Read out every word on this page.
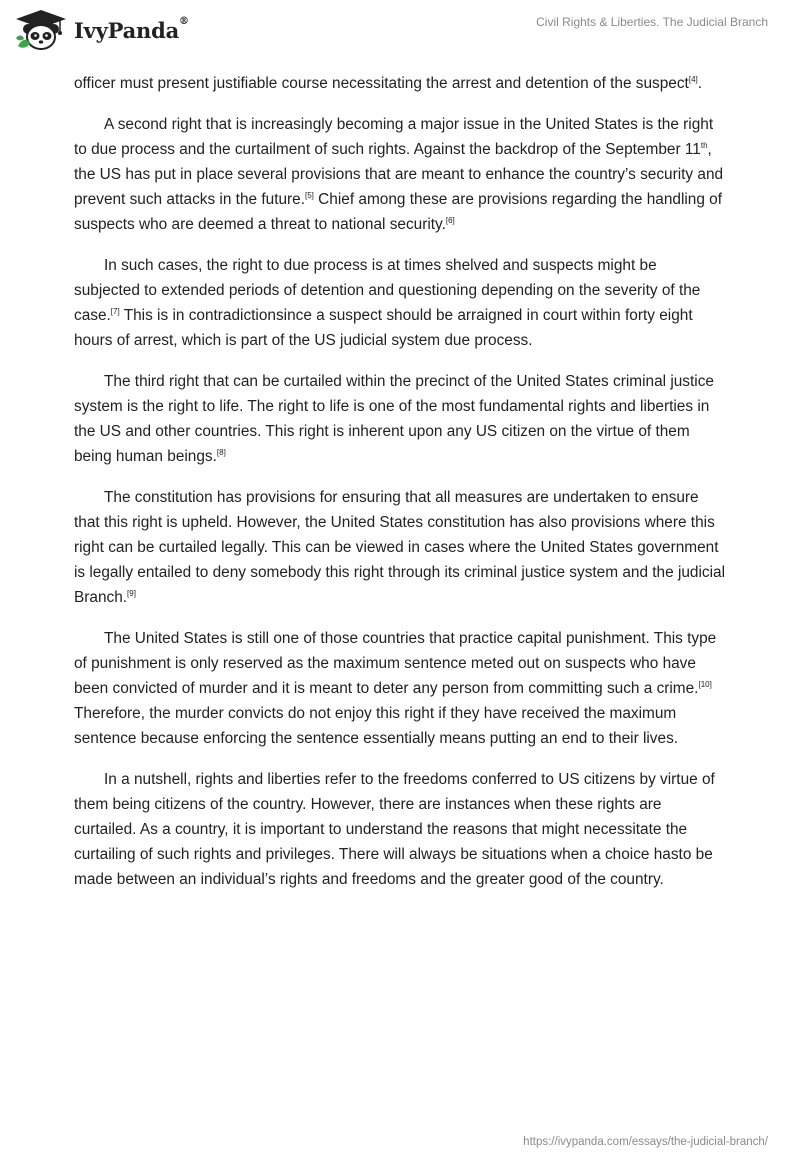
IvyPanda®	Civil Rights & Liberties. The Judicial Branch

officer must present justifiable course necessitating the arrest and detention of the suspect[4].

A second right that is increasingly becoming a major issue in the United States is the right to due process and the curtailment of such rights. Against the backdrop of the September 11th, the US has put in place several provisions that are meant to enhance the country’s security and prevent such attacks in the future.[5] Chief among these are provisions regarding the handling of suspects who are deemed a threat to national security.[6]

In such cases, the right to due process is at times shelved and suspects might be subjected to extended periods of detention and questioning depending on the severity of the case.[7] This is in contradictionsince a suspect should be arraigned in court within forty eight hours of arrest, which is part of the US judicial system due process.

The third right that can be curtailed within the precinct of the United States criminal justice system is the right to life. The right to life is one of the most fundamental rights and liberties in the US and other countries. This right is inherent upon any US citizen on the virtue of them being human beings.[8]

The constitution has provisions for ensuring that all measures are undertaken to ensure that this right is upheld. However, the United States constitution has also provisions where this right can be curtailed legally. This can be viewed in cases where the United States government is legally entailed to deny somebody this right through its criminal justice system and the judicial Branch.[9]

The United States is still one of those countries that practice capital punishment. This type of punishment is only reserved as the maximum sentence meted out on suspects who have been convicted of murder and it is meant to deter any person from committing such a crime.[10] Therefore, the murder convicts do not enjoy this right if they have received the maximum sentence because enforcing the sentence essentially means putting an end to their lives.

In a nutshell, rights and liberties refer to the freedoms conferred to US citizens by virtue of them being citizens of the country. However, there are instances when these rights are curtailed. As a country, it is important to understand the reasons that might necessitate the curtailing of such rights and privileges. There will always be situations when a choice hasto be made between an individual’s rights and freedoms and the greater good of the country.

https://ivypanda.com/essays/the-judicial-branch/
